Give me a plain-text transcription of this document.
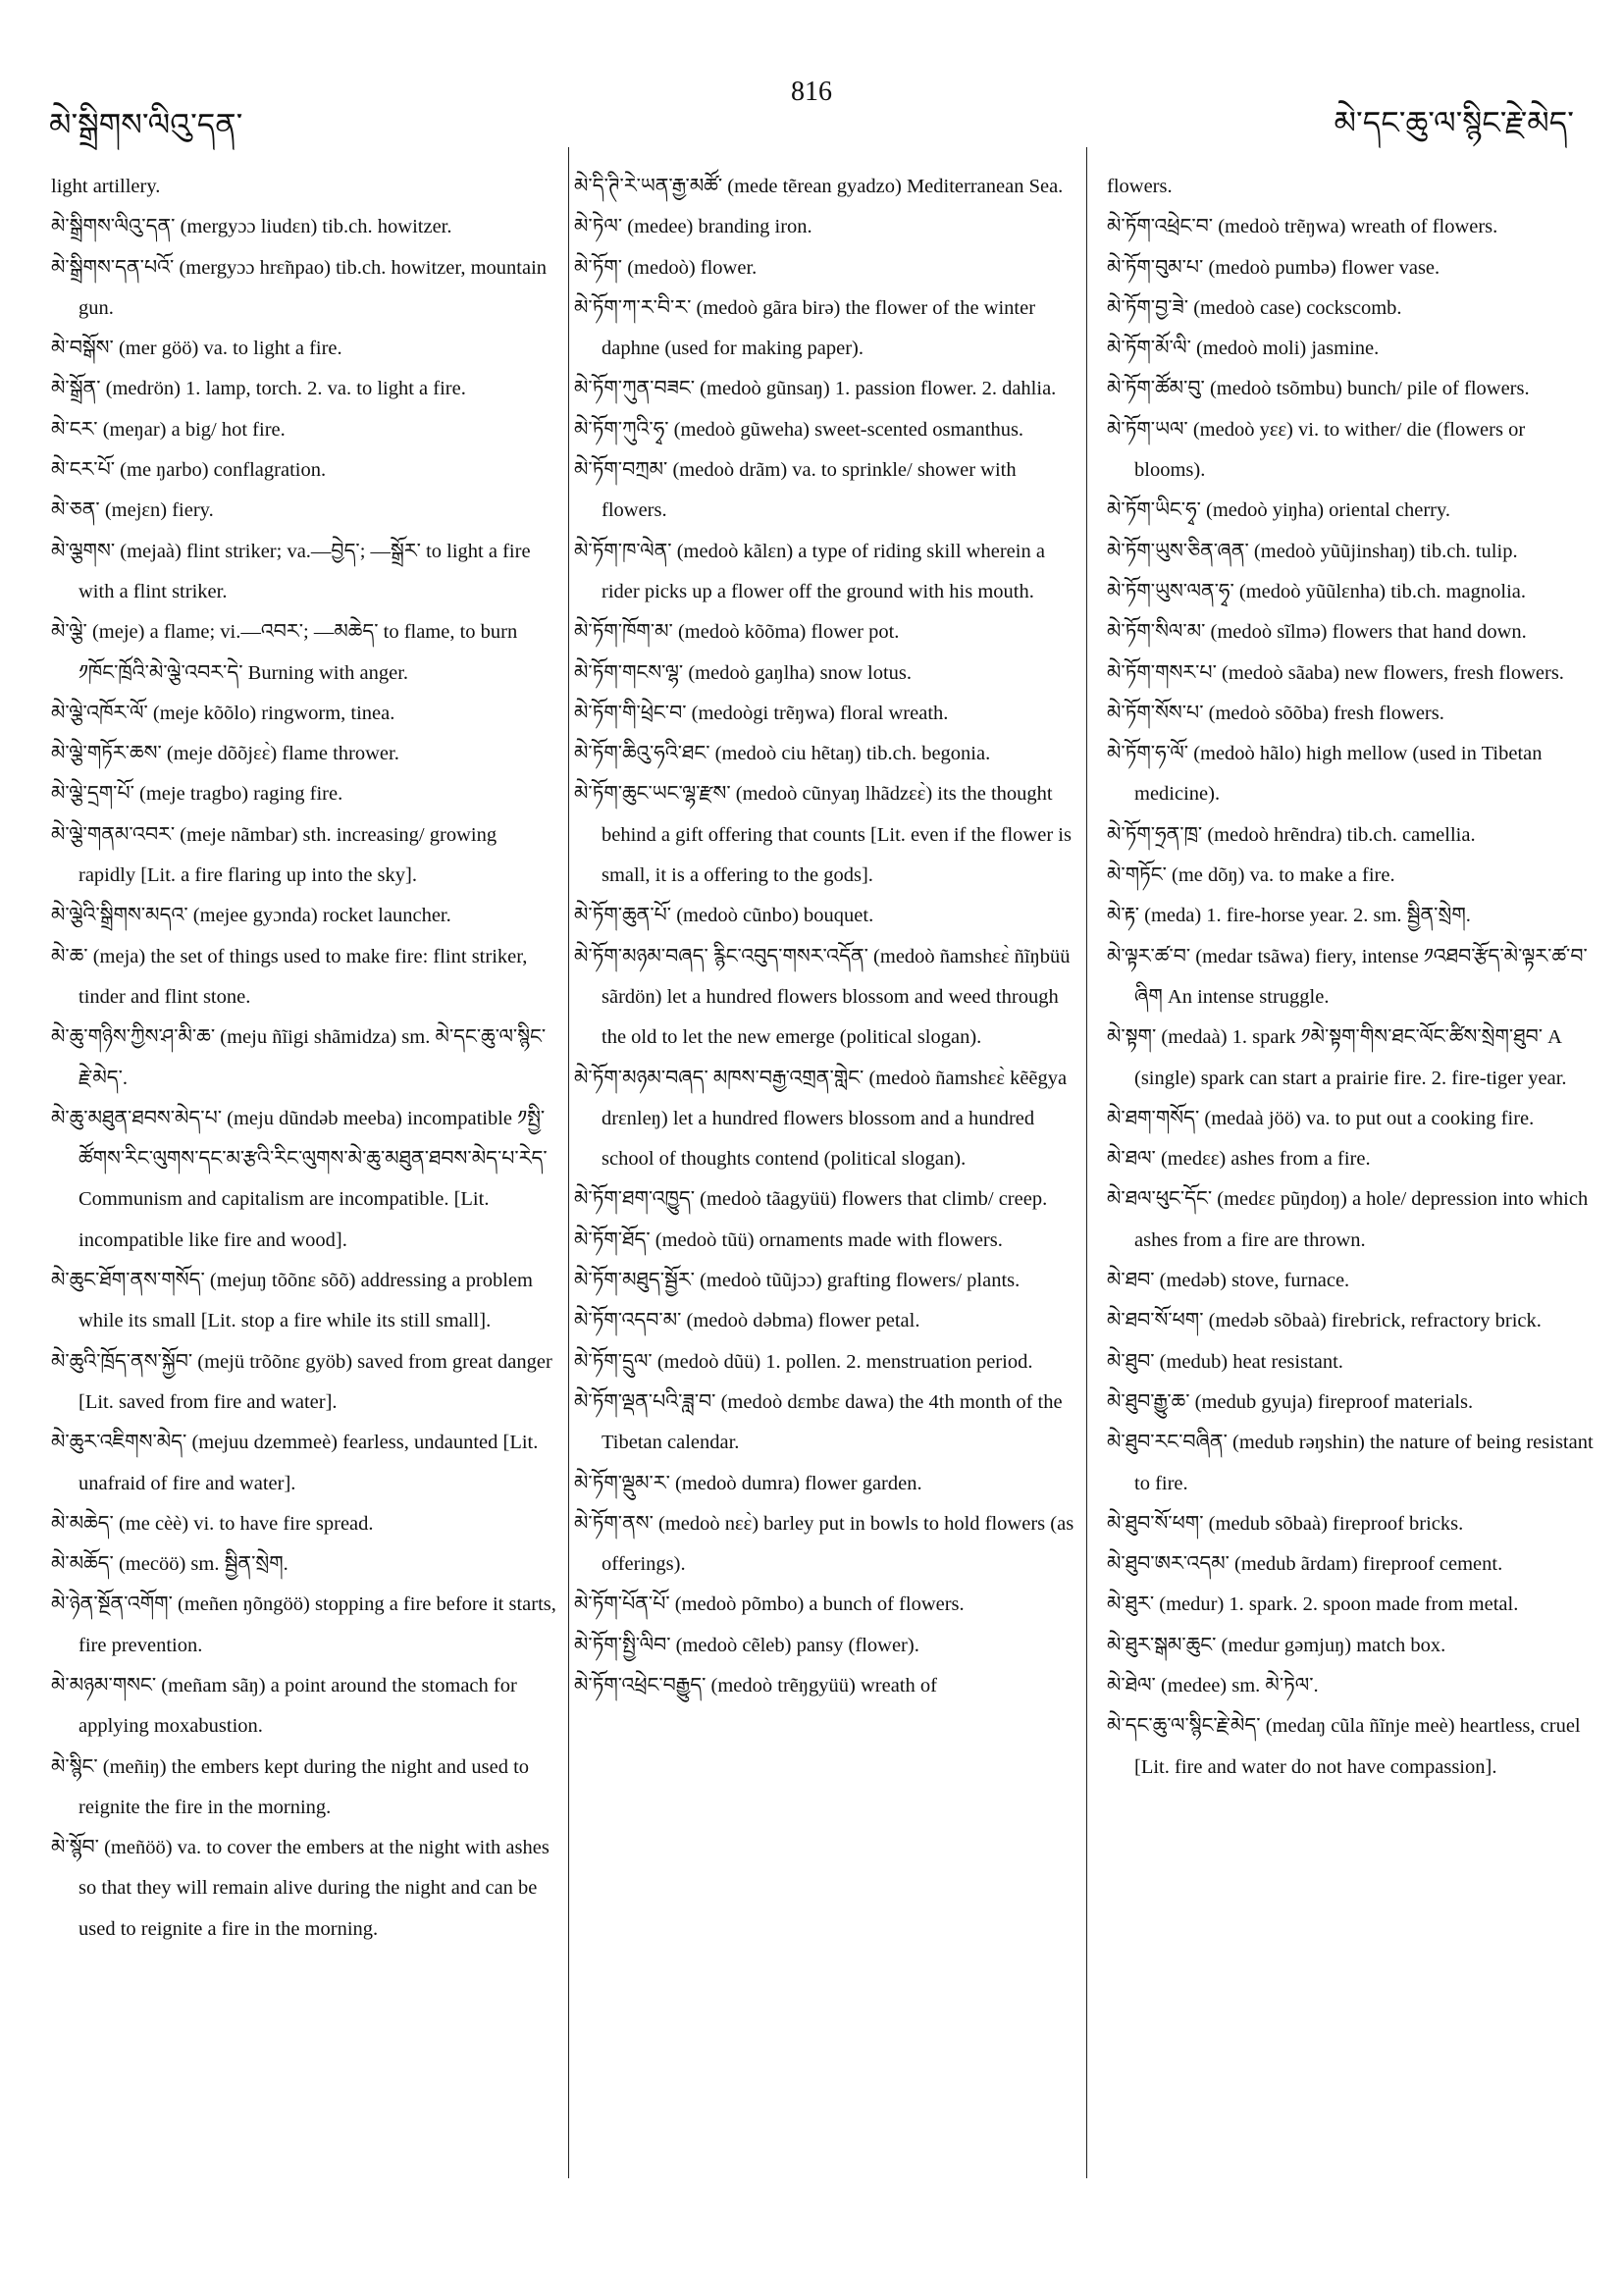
མེ་སྒྲིགས་ལིའུ་དན་
816
མེ་དང་ཆུ་ལ་སྙིང་རྗེ་མེད་

light artillery.

མེ་སྒྲིགས་ལིའུ་དན་ (mergyɔɔ liudɛn) tib.ch. howitzer.

མེ་སྒྲིགས་དན་པའོ་ (mergyɔɔ hrɛ̃npao) tib.ch. howitzer, mountain gun.

མེ་བསྒོས་ (mer göö) va. to light a fire.

མེ་སྒྲོན་ (medrön) 1. lamp, torch. 2. va. to light a fire.

མེ་ངར་ (meŋar) a big/ hot fire.

མེ་ངར་པོ་ (me ŋarbo) conflagration.

མེ་ཅན་ (mejɛn) fiery.

མེ་ལྕགས་ (mejaà) flint striker; va.—བྱེད་; —སྒྲོར་ to light a fire with a flint striker.

མེ་ལྕེ་ (meje) a flame; vi.—འབར་; —མཆེད་ to flame, to burn ༡ཁོང་ཁྲོའི་མེ་ལྕེ་འབར་དེ་ Burning with anger.

མེ་ལྕེ་འཁོར་ལོ་ (meje kõõlo) ringworm, tinea.

མེ་ལྕེ་གཏོར་ཆས་ (meje dõõjɛɛ̀) flame thrower.

མེ་ལྕེ་དྲག་པོ་ (meje tragbo) raging fire.

མེ་ལྕེ་གནམ་འབར་ (meje nãmbar) sth. increasing/ growing rapidly [Lit. a fire flaring up into the sky].

མེ་ལྕེའི་སྒྲིགས་མདའ་ (mejee gyɔnda) rocket launcher.

མེ་ཆ་ (meja) the set of things used to make fire: flint striker, tinder and flint stone.

མེ་ཆུ་གཉིས་ཀྱིས་ཤ་མི་ཆ་ (meju ñĩigi shãmidza) sm. མེ་དང་ཆུ་ལ་སྙིང་རྗེ་མེད་.

མེ་ཆུ་མཐུན་ཐབས་མེད་པ་ (meju dũndəb meeba) incompatible ༡སྤྱི་ཚོགས་རིང་ལུགས་དང་མ་རྩའི་རིང་ལུགས་མེ་ཆུ་མཐུན་ཐབས་མེད་པ་རེད་ Communism and capitalism are incompatible. [Lit. incompatible like fire and wood].

མེ་ཆུང་ཐོག་ནས་གསོད་ (mejuŋ tõõnɛ sõõ) addressing a problem while its small [Lit. stop a fire while its still small].

མེ་ཆུའི་ཁྲོད་ནས་སྐྱོབ་ (mejü trõõnɛ gyöb) saved from great danger [Lit. saved from fire and water].

མེ་ཆུར་འཇིགས་མེད་ (mejuu dzemmeè) fearless, undaunted [Lit. unafraid of fire and water].

མེ་མཆེད་ (me cèè) vi. to have fire spread.

མེ་མཆོད་ (mecöö) sm. སྦྱིན་སྲེག.

མེ་ཉེན་སྔོན་འགོག་ (meñen ŋõngöö) stopping a fire before it starts, fire prevention.

མེ་མཉམ་གསང་ (meñam sãŋ) a point around the stomach for applying moxabustion.

མེ་སྙིང་ (meñiŋ) the embers kept during the night and used to reignite the fire in the morning.

མེ་སྙོབ་ (meñöö) va. to cover the embers at the night with ashes so that they will remain alive during the night and can be used to reignite a fire in the morning.

མེ་དི་ཊི་རེ་ཡན་རྒྱ་མཚོ་ (mede tẽrean gyadzo) Mediterranean Sea.

མེ་ཏེལ་ (medee) branding iron.

མེ་ཏོག་ (medoò) flower.

མེ་ཏོག་ཀ་ར་བི་ར་ (medoò gãra birə) the flower of the winter daphne (used for making paper).

མེ་ཏོག་ཀུན་བཟང་ (medoò gũnsaŋ) 1. passion flower. 2. dahlia.

མེ་ཏོག་ཀུའི་ཧྭ་ (medoò gũweha) sweet-scented osmanthus.

མེ་ཏོག་བཀྲམ་ (medoò drãm) va. to sprinkle/ shower with flowers.

མེ་ཏོག་ཁ་ལེན་ (medoò kãlɛn) a type of riding skill wherein a rider picks up a flower off the ground with his mouth.

མེ་ཏོག་ཁོག་མ་ (medoò kõõma) flower pot.

མེ་ཏོག་གངས་ལྷ་ (medoò gaŋlha) snow lotus.

མེ་ཏོག་གི་ཕྲེང་བ་ (medoògi trẽŋwa) floral wreath.

མེ་ཏོག་ཆིའུ་ཧའི་ཐང་ (medoò ciu hẽtaŋ) tib.ch. begonia.

མེ་ཏོག་ཆུང་ཡང་ལྷ་རྫས་ (medoò cũnyaŋ lhãdzɛɛ̀) its the thought behind a gift offering that counts [Lit. even if the flower is small, it is a offering to the gods].

མེ་ཏོག་ཆུན་པོ་ (medoò cũnbo) bouquet.

མེ་ཏོག་མཉམ་བཞད་ རྙིང་འབུད་གསར་འདོན་ (medoò ñamshɛɛ̀ ñĩŋbüü sãrdön) let a hundred flowers blossom and weed through the old to let the new emerge (political slogan).

མེ་ཏོག་མཉམ་བཞད་ མཁས་བརྒྱ་འགྲན་གླེང་ (medoò ñamshɛɛ̀ kẽẽgya drɛnleŋ) let a hundred flowers blossom and a hundred school of thoughts contend (political slogan).

མེ་ཏོག་ཐག་འཁྱུད་ (medoò tãagyüü) flowers that climb/ creep.

མེ་ཏོག་ཐོད་ (medoò tũü) ornaments made with flowers.

མེ་ཏོག་མཐུད་སྦྱོར་ (medoò tũũjɔɔ) grafting flowers/ plants.

མེ་ཏོག་འདབ་མ་ (medoò dəbma) flower petal.

མེ་ཏོག་དྲུལ་ (medoò dũü) 1. pollen. 2. menstruation period.

མེ་ཏོག་ལྡན་པའི་ཟླ་བ་ (medoò dɛmbɛ dawa) the 4th month of the Tibetan calendar.

མེ་ཏོག་ལྡུམ་ར་ (medoò dumra) flower garden.

མེ་ཏོག་ནས་ (medoò nɛɛ̀) barley put in bowls to hold flowers (as offerings).

མེ་ཏོག་པོན་པོ་ (medoò põmbo) a bunch of flowers.

མེ་ཏོག་སྤྱི་ལིབ་ (medoò cẽleb) pansy (flower).

མེ་ཏོག་འཕྲེང་བརྒྱུད་ (medoò trẽŋgyüü) wreath of

flowers.

མེ་ཏོག་འཕྲེང་བ་ (medoò trẽŋwa) wreath of flowers.

མེ་ཏོག་བུམ་པ་ (medoò pumbə) flower vase.

མེ་ཏོག་བྱ་ཟེ་ (medoò case) cockscomb.

མེ་ཏོག་མོ་ལི་ (medoò moli) jasmine.

མེ་ཏོག་ཚོམ་བུ་ (medoò tsõmbu) bunch/ pile of flowers.

མེ་ཏོག་ཡལ་ (medoò yɛɛ) vi. to wither/ die (flowers or blooms).

མེ་ཏོག་ཡིང་ཧྭ་ (medoò yiŋha) oriental cherry.

མེ་ཏོག་ཡུས་ཅིན་ཞན་ (medoò yũũjinshaŋ) tib.ch. tulip.

མེ་ཏོག་ཡུས་ལན་ཧྭ་ (medoò yũũlɛnha) tib.ch. magnolia.

མེ་ཏོག་སིལ་མ་ (medoò sĩlmə) flowers that hand down.

མེ་ཏོག་གསར་པ་ (medoò sãaba) new flowers, fresh flowers.

མེ་ཏོག་སོས་པ་ (medoò sõõba) fresh flowers.

མེ་ཏོག་ཧ་ལོ་ (medoò hãlo) high mellow (used in Tibetan medicine).

མེ་ཏོག་ཧྲན་ཁྲ་ (medoò hrẽndra) tib.ch. camellia.

མེ་གཏོང་ (me dõŋ) va. to make a fire.

མེ་རྟ་ (meda) 1. fire-horse year. 2. sm. སྦྱིན་སྲེག.

མེ་ལྟར་ཚ་བ་ (medar tsãwa) fiery, intense ༡འཐབ་རྩོད་མེ་ལྟར་ཚ་བ་ཞིག An intense struggle.

མེ་སྟག་ (medaà) 1. spark ༡མེ་སྟག་གིས་ཐང་ལོང་ཚིས་སྲེག་ཐུབ་ A (single) spark can start a prairie fire. 2. fire-tiger year.

མེ་ཐག་གསོད་ (medaà jöö) va. to put out a cooking fire.

མེ་ཐལ་ (medɛɛ) ashes from a fire.

མེ་ཐལ་ཕུང་དོང་ (medɛɛ pũŋdoŋ) a hole/ depression into which ashes from a fire are thrown.

མེ་ཐབ་ (medəb) stove, furnace.

མེ་ཐབ་སོ་ཕག་ (medəb sõbaà) firebrick, refractory brick.

མེ་ཐུབ་ (medub) heat resistant.

མེ་ཐུབ་རྒྱུ་ཆ་ (medub gyuja) fireproof materials.

མེ་ཐུབ་རང་བཞིན་ (medub rəŋshin) the nature of being resistant to fire.

མེ་ཐུབ་སོ་ཕག་ (medub sõbaà) fireproof bricks.

མེ་ཐུབ་ཨར་འདམ་ (medub ãrdam) fireproof cement.

མེ་ཐུར་ (medur) 1. spark. 2. spoon made from metal.

མེ་ཐུར་སྒམ་ཆུང་ (medur gəmjuŋ) match box.

མེ་ཐེལ་ (medee) sm. མེ་ཏེལ་.

མེ་དང་ཆུ་ལ་སྙིང་རྗེ་མེད་ (medaŋ cũla ñĩnje meè) heartless, cruel [Lit. fire and water do not have compassion].
